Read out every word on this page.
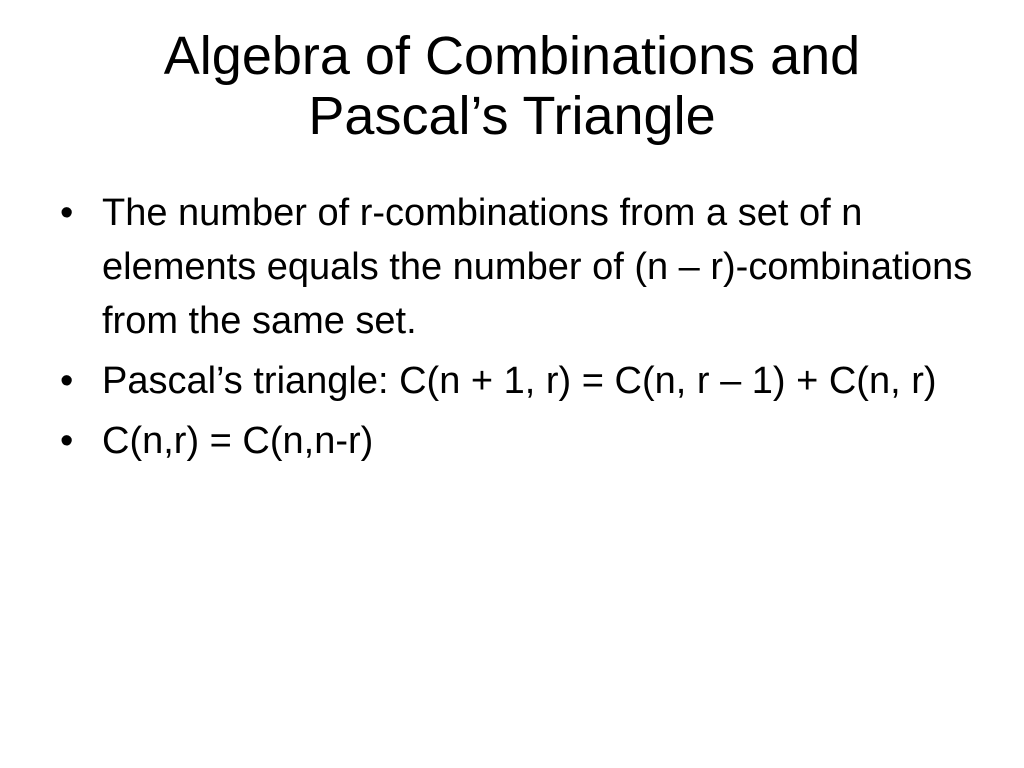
Algebra of Combinations and
Pascal’s Triangle
• The number of r-combinations from a set of n elements equals the number of (n – r)-combinations from the same set.
• Pascal’s triangle: C(n + 1, r) = C(n, r – 1) + C(n, r)
• C(n,r) = C(n,n-r)
